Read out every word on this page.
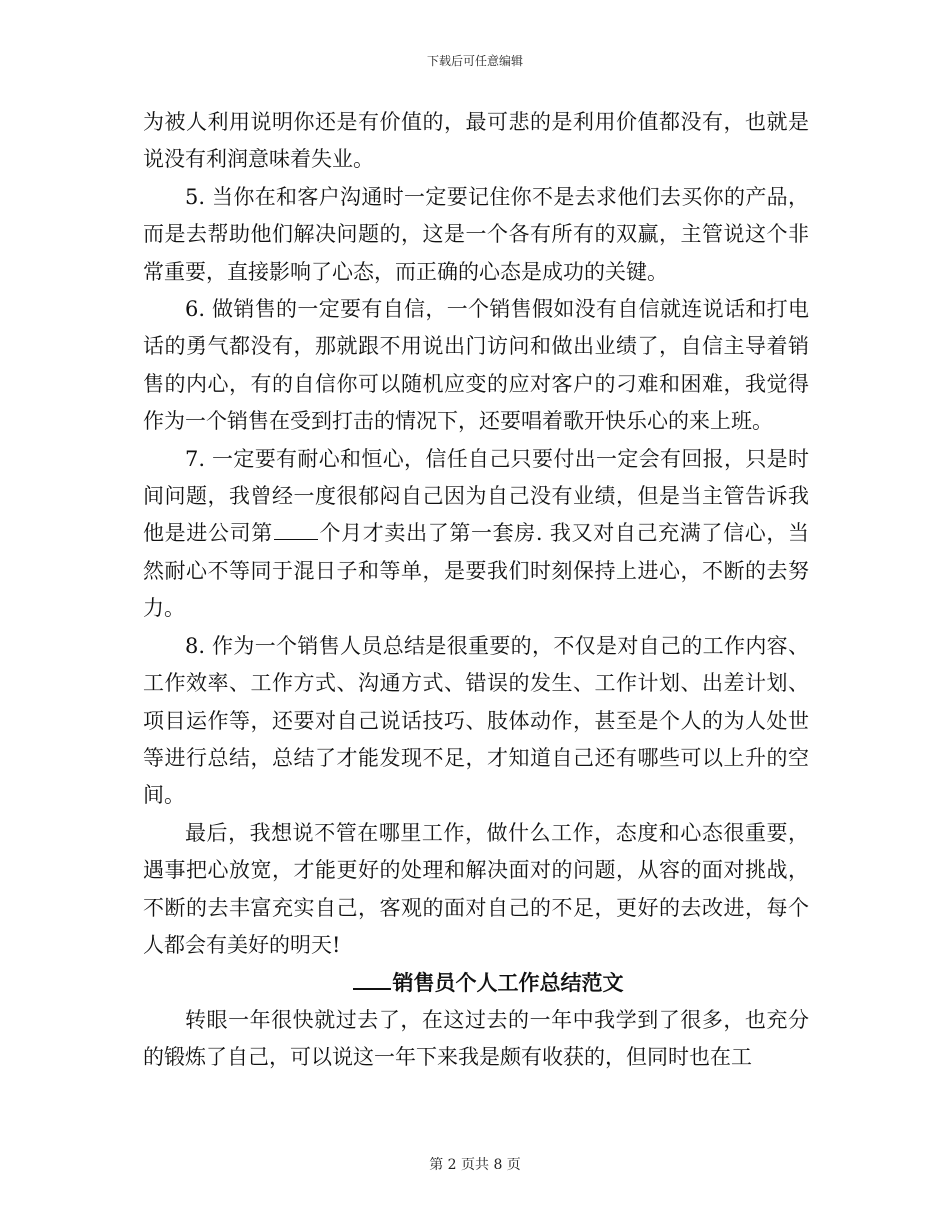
下载后可任意编辑

为被人利用说明你还是有价值的，最可悲的是利用价值都没有，也就是说没有利润意味着失业。

5. 当你在和客户沟通时一定要记住你不是去求他们去买你的产品，而是去帮助他们解决问题的，这是一个各有所有的双赢，主管说这个非常重要，直接影响了心态，而正确的心态是成功的关键。

6. 做销售的一定要有自信，一个销售假如没有自信就连说话和打电话的勇气都没有，那就跟不用说出门访问和做出业绩了，自信主导着销售的内心，有的自信你可以随机应变的应对客户的刁难和困难，我觉得作为一个销售在受到打击的情况下，还要唱着歌开快乐心的来上班。

7. 一定要有耐心和恒心，信任自己只要付出一定会有回报，只是时间问题，我曾经一度很郁闷自己因为自己没有业绩，但是当主管告诉我他是进公司第 个月才卖出了第一套房. 我又对自己充满了信心，当然耐心不等同于混日子和等单，是要我们时刻保持上进心，不断的去努力。

8. 作为一个销售人员总结是很重要的，不仅是对自己的工作内容、工作效率、工作方式、沟通方式、错误的发生、工作计划、出差计划、项目运作等，还要对自己说话技巧、肢体动作，甚至是个人的为人处世等进行总结，总结了才能发现不足，才知道自己还有哪些可以上升的空间。

最后，我想说不管在哪里工作，做什么工作，态度和心态很重要，遇事把心放宽，才能更好的处理和解决面对的问题，从容的面对挑战，不断的去丰富充实自己，客观的面对自己的不足，更好的去改进，每个人都会有美好的明天!

销售员个人工作总结范文

转眼一年很快就过去了，在这过去的一年中我学到了很多，也充分的锻炼了自己，可以说这一年下来我是颇有收获的，但同时也在工

第 2 页共 8 页
